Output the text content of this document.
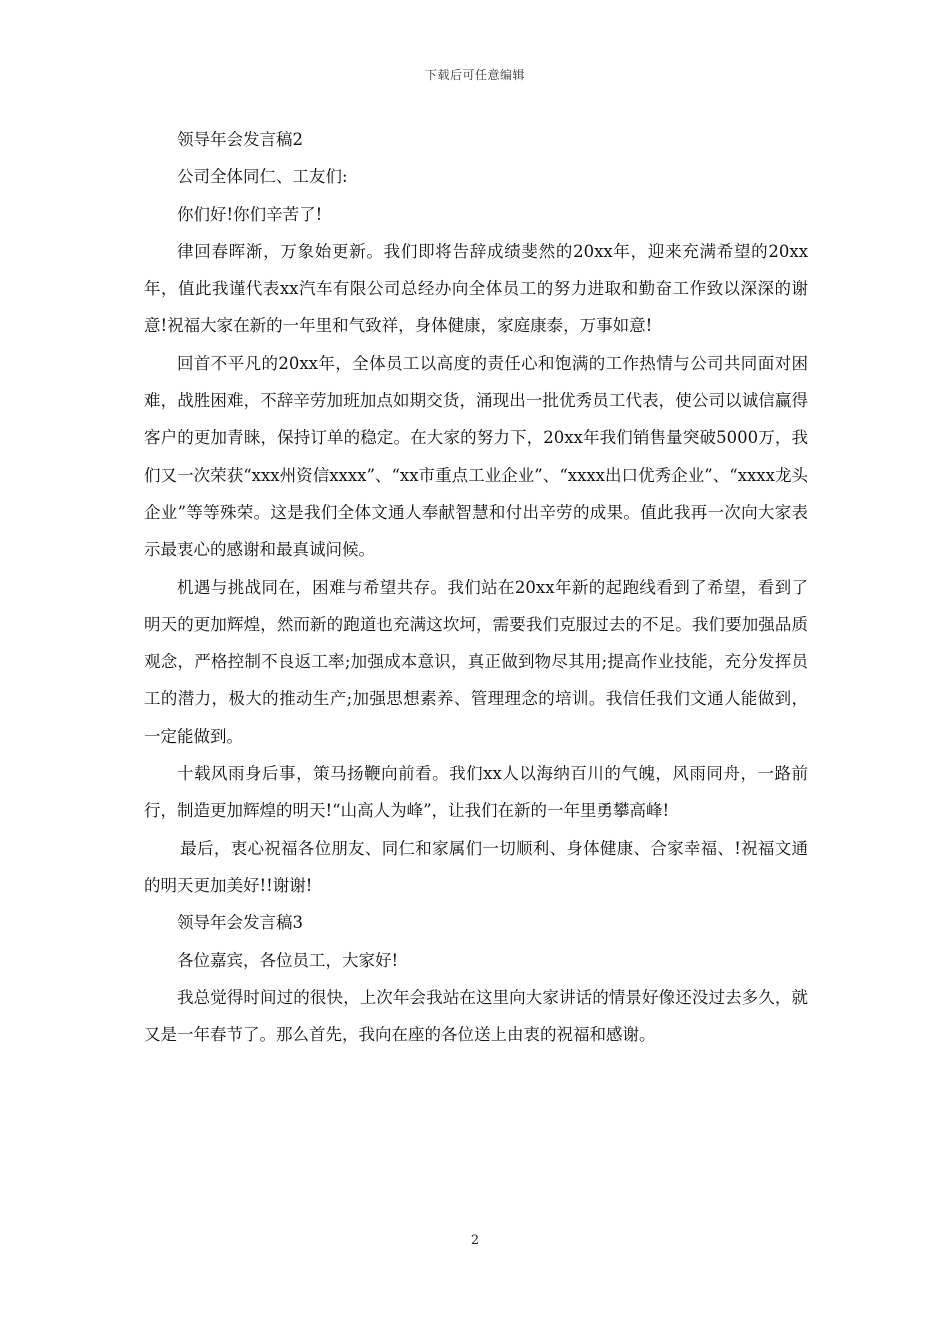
下载后可任意编辑

领导年会发言稿2

公司全体同仁、工友们:

你们好!你们辛苦了!

律回春晖渐，万象始更新。我们即将告辞成绩斐然的20xx年，迎来充满希望的20xx年，值此我谨代表xx汽车有限公司总经办向全体员工的努力进取和勤奋工作致以深深的谢意!祝福大家在新的一年里和气致祥，身体健康，家庭康泰，万事如意!

回首不平凡的20xx年，全体员工以高度的责任心和饱满的工作热情与公司共同面对困难，战胜困难，不辞辛劳加班加点如期交货，涌现出一批优秀员工代表，使公司以诚信赢得客户的更加青睐，保持订单的稳定。在大家的努力下，20xx年我们销售量突破5000万，我们又一次荣获“xxx州资信xxxx”、“xx市重点工业企业”、“xxxx出口优秀企业”、“xxxx龙头企业”等等殊荣。这是我们全体文通人奉献智慧和付出辛劳的成果。值此我再一次向大家表示最衷心的感谢和最真诚问候。

机遇与挑战同在，困难与希望共存。我们站在20xx年新的起跑线看到了希望，看到了明天的更加辉煌，然而新的跑道也充满这坎坷，需要我们克服过去的不足。我们要加强品质观念，严格控制不良返工率;加强成本意识，真正做到物尽其用;提高作业技能，充分发挥员工的潜力，极大的推动生产;加强思想素养、管理理念的培训。我信任我们文通人能做到，一定能做到。

十载风雨身后事，策马扬鞭向前看。我们xx人以海纳百川的气魄，风雨同舟，一路前行，制造更加辉煌的明天!“山高人为峰”，让我们在新的一年里勇攀高峰!

最后，衷心祝福各位朋友、同仁和家属们一切顺利、身体健康、合家幸福、!祝福文通的明天更加美好!!谢谢!

领导年会发言稿3

各位嘉宾，各位员工，大家好!

我总觉得时间过的很快，上次年会我站在这里向大家讲话的情景好像还没过去多久，就又是一年春节了。那么首先，我向在座的各位送上由衷的祝福和感谢。

2
